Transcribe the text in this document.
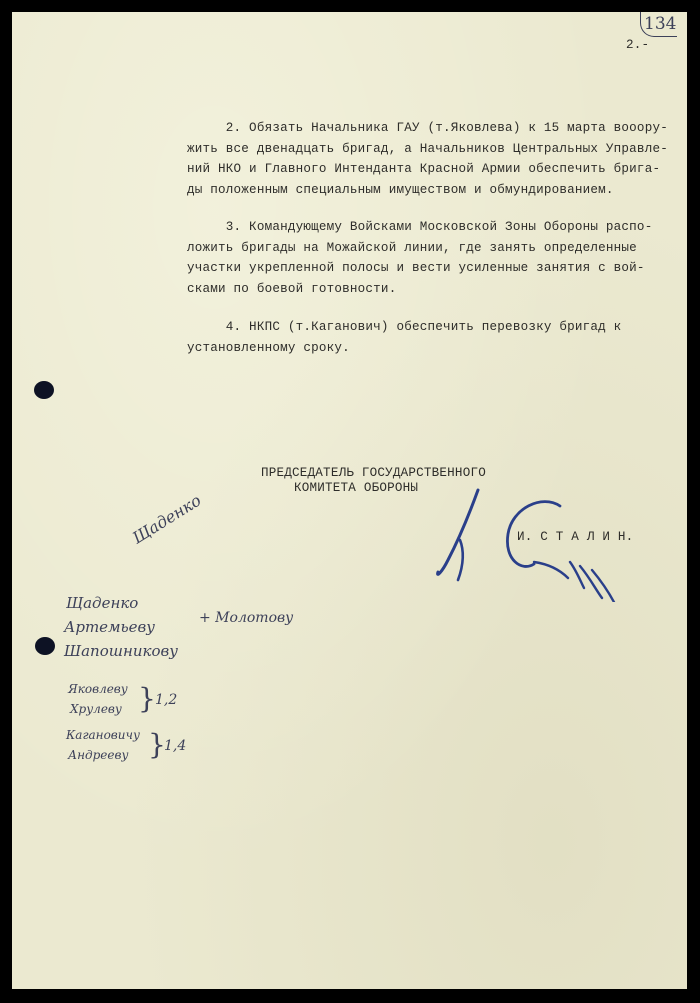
134
2.-
2. Обязать Начальника ГАУ (т.Яковлева) к 15 марта вооору-
жить все двенадцать бригад, а Начальников Центральных Управле-
ний НКО и Главного Интенданта Красной Армии обеспечить брига-
ды положенным специальным имуществом и обмундированием.
3. Командующему Войсками Московской Зоны Обороны распо-
ложить бригады на Можайской линии, где занять определенные
участки укрепленной полосы и вести усиленные занятия с вой-
сками по боевой готовности.
4. НКПС (т.Каганович) обеспечить перевозку бригад к
установленному сроку.
ПРЕДСЕДАТЕЛЬ ГОСУДАРСТВЕННОГО
КОМИТЕТА ОБОРОНЫ
И. С Т А Л И Н.
Щаденко
Щаденко
Артемьеву
Шапошникову
+ Молотову
Яковлеву
Хрулеву } 1,2
Кагановичу
Андрееву }
1,4
